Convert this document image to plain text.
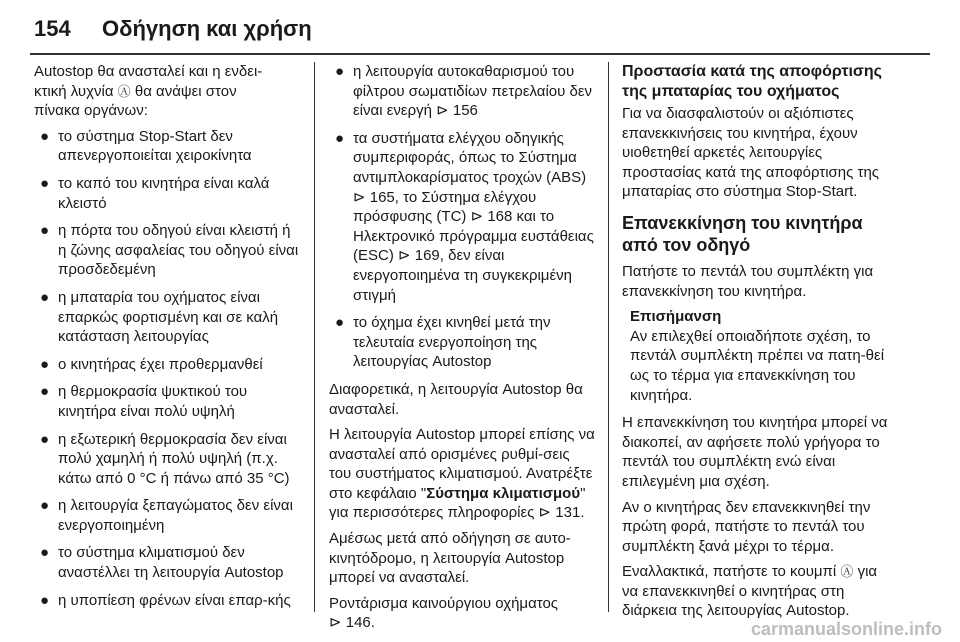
154	Οδήγηση και χρήση

Autostop θα ανασταλεί και η ενδει-
κτική λυχνία Ⓐ θα ανάψει στον
πίνακα οργάνων:

● το σύστημα Stop-Start δεν απενεργοποιείται χειροκίνητα
● το καπό του κινητήρα είναι καλά κλειστό
● η πόρτα του οδηγού είναι κλειστή ή η ζώνης ασφαλείας του οδηγού είναι προσδεδεμένη
● η μπαταρία του οχήματος είναι επαρκώς φορτισμένη και σε καλή κατάσταση λειτουργίας
● ο κινητήρας έχει προθερμανθεί
● η θερμοκρασία ψυκτικού του κινητήρα είναι πολύ υψηλή
● η εξωτερική θερμοκρασία δεν είναι πολύ χαμηλή ή πολύ υψηλή (π.χ. κάτω από 0 °C ή πάνω από 35 °C)
● η λειτουργία ξεπαγώματος δεν είναι ενεργοποιημένη
● το σύστημα κλιματισμού δεν αναστέλλει τη λειτουργία Autostop
● η υποπίεση φρένων είναι επαρ-κής
● η λειτουργία αυτοκαθαρισμού του φίλτρου σωματιδίων πετρελαίου δεν είναι ενεργή ⊳ 156
● τα συστήματα ελέγχου οδηγικής συμπεριφοράς, όπως το Σύστημα αντιμπλοκαρίσματος τροχών (ABS) ⊳ 165, το Σύστημα ελέγχου πρόσφυσης (TC) ⊳ 168 και το Ηλεκτρονικό πρόγραμμα ευστάθειας (ESC) ⊳ 169, δεν είναι ενεργοποιημένα τη συγκεκριμένη στιγμή
● το όχημα έχει κινηθεί μετά την τελευταία ενεργοποίηση της λειτουργίας Autostop

Διαφορετικά, η λειτουργία Autostop θα ανασταλεί.

Η λειτουργία Autostop μπορεί επίσης να ανασταλεί από ορισμένες ρυθμί-σεις του συστήματος κλιματισμού. Ανατρέξτε στο κεφάλαιο "Σύστημα κλιματισμού" για περισσότερες πληροφορίες ⊳ 131.

Αμέσως μετά από οδήγηση σε αυτο-κινητόδρομο, η λειτουργία Autostop μπορεί να ανασταλεί.

Ροντάρισμα καινούργιου οχήματος
⊳ 146.

Προστασία κατά της αποφόρτισης της μπαταρίας του οχήματος

Για να διασφαλιστούν οι αξιόπιστες επανεκκινήσεις του κινητήρα, έχουν υιοθετηθεί αρκετές λειτουργίες προστασίας κατά της αποφόρτισης της μπαταρίας στο σύστημα Stop-Start.

Επανεκκίνηση του κινητήρα από τον οδηγό

Πατήστε το πεντάλ του συμπλέκτη για επανεκκίνηση του κινητήρα.

Επισήμανση
Αν επιλεχθεί οποιαδήποτε σχέση, το πεντάλ συμπλέκτη πρέπει να πατη-θεί ως το τέρμα για επανεκκίνηση του κινητήρα.

Η επανεκκίνηση του κινητήρα μπορεί να διακοπεί, αν αφήσετε πολύ γρήγορα το πεντάλ του συμπλέκτη ενώ είναι επιλεγμένη μια σχέση.

Αν ο κινητήρας δεν επανεκκινηθεί την πρώτη φορά, πατήστε το πεντάλ του συμπλέκτη ξανά μέχρι το τέρμα.

Εναλλακτικά, πατήστε το κουμπί Ⓐ για να επανεκκινηθεί ο κινητήρας στη διάρκεια της λειτουργίας Autostop.

carmanualsonline.info
